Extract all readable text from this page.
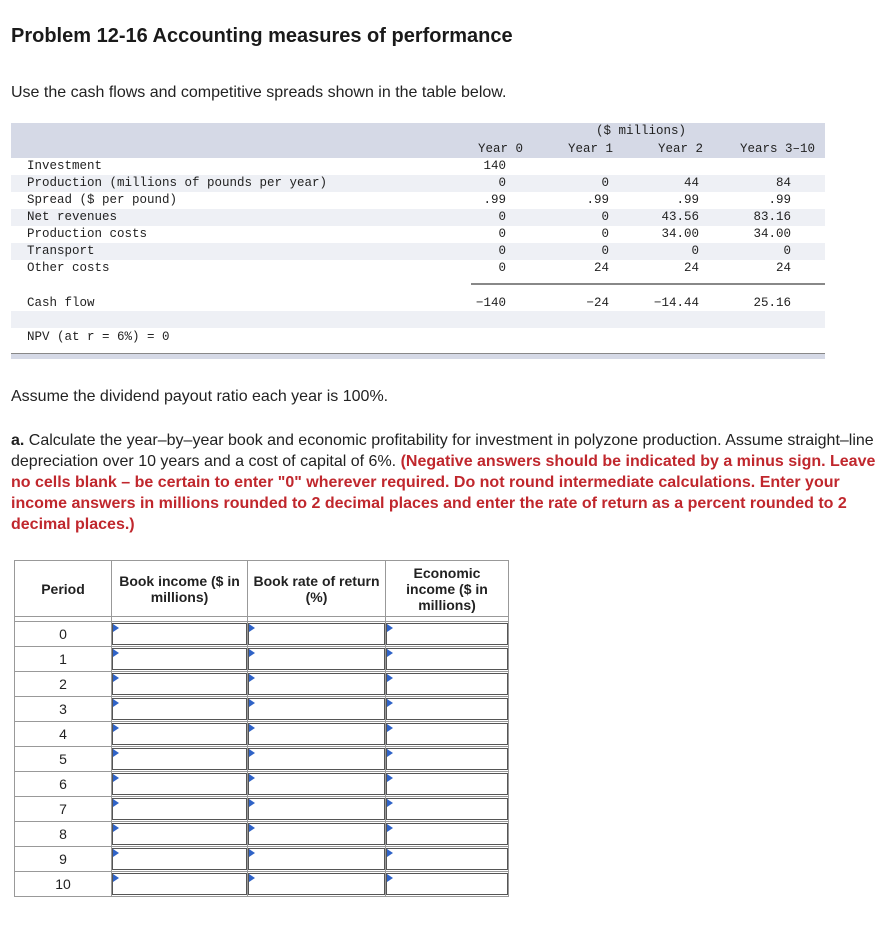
Problem 12-16 Accounting measures of performance
Use the cash flows and competitive spreads shown in the table below.
($ millions)
Year 0	Year 1	Year 2	Years 3–10
Investment	140
Production (millions of pounds per year)	0	0	44	84
Spread ($ per pound)	.99	.99	.99	.99
Net revenues	0	0	43.56	83.16
Production costs	0	0	34.00	34.00
Transport	0	0	0	0
Other costs	0	24	24	24
Cash flow	−140	−24	−14.44	25.16
NPV (at r = 6%) = 0
Assume the dividend payout ratio each year is 100%.
a. Calculate the year–by–year book and economic profitability for investment in polyzone production. Assume straight–line depreciation over 10 years and a cost of capital of 6%. (Negative answers should be indicated by a minus sign. Leave no cells blank – be certain to enter "0" wherever required. Do not round intermediate calculations. Enter your income answers in millions rounded to 2 decimal places and enter the rate of return as a percent rounded to 2 decimal places.)
Period	Book income ($ in millions)	Book rate of return (%)	Economic income ($ in millions)

0	

1	

2	

3	

4	

5	

6	

7	

8	

9	

10	
